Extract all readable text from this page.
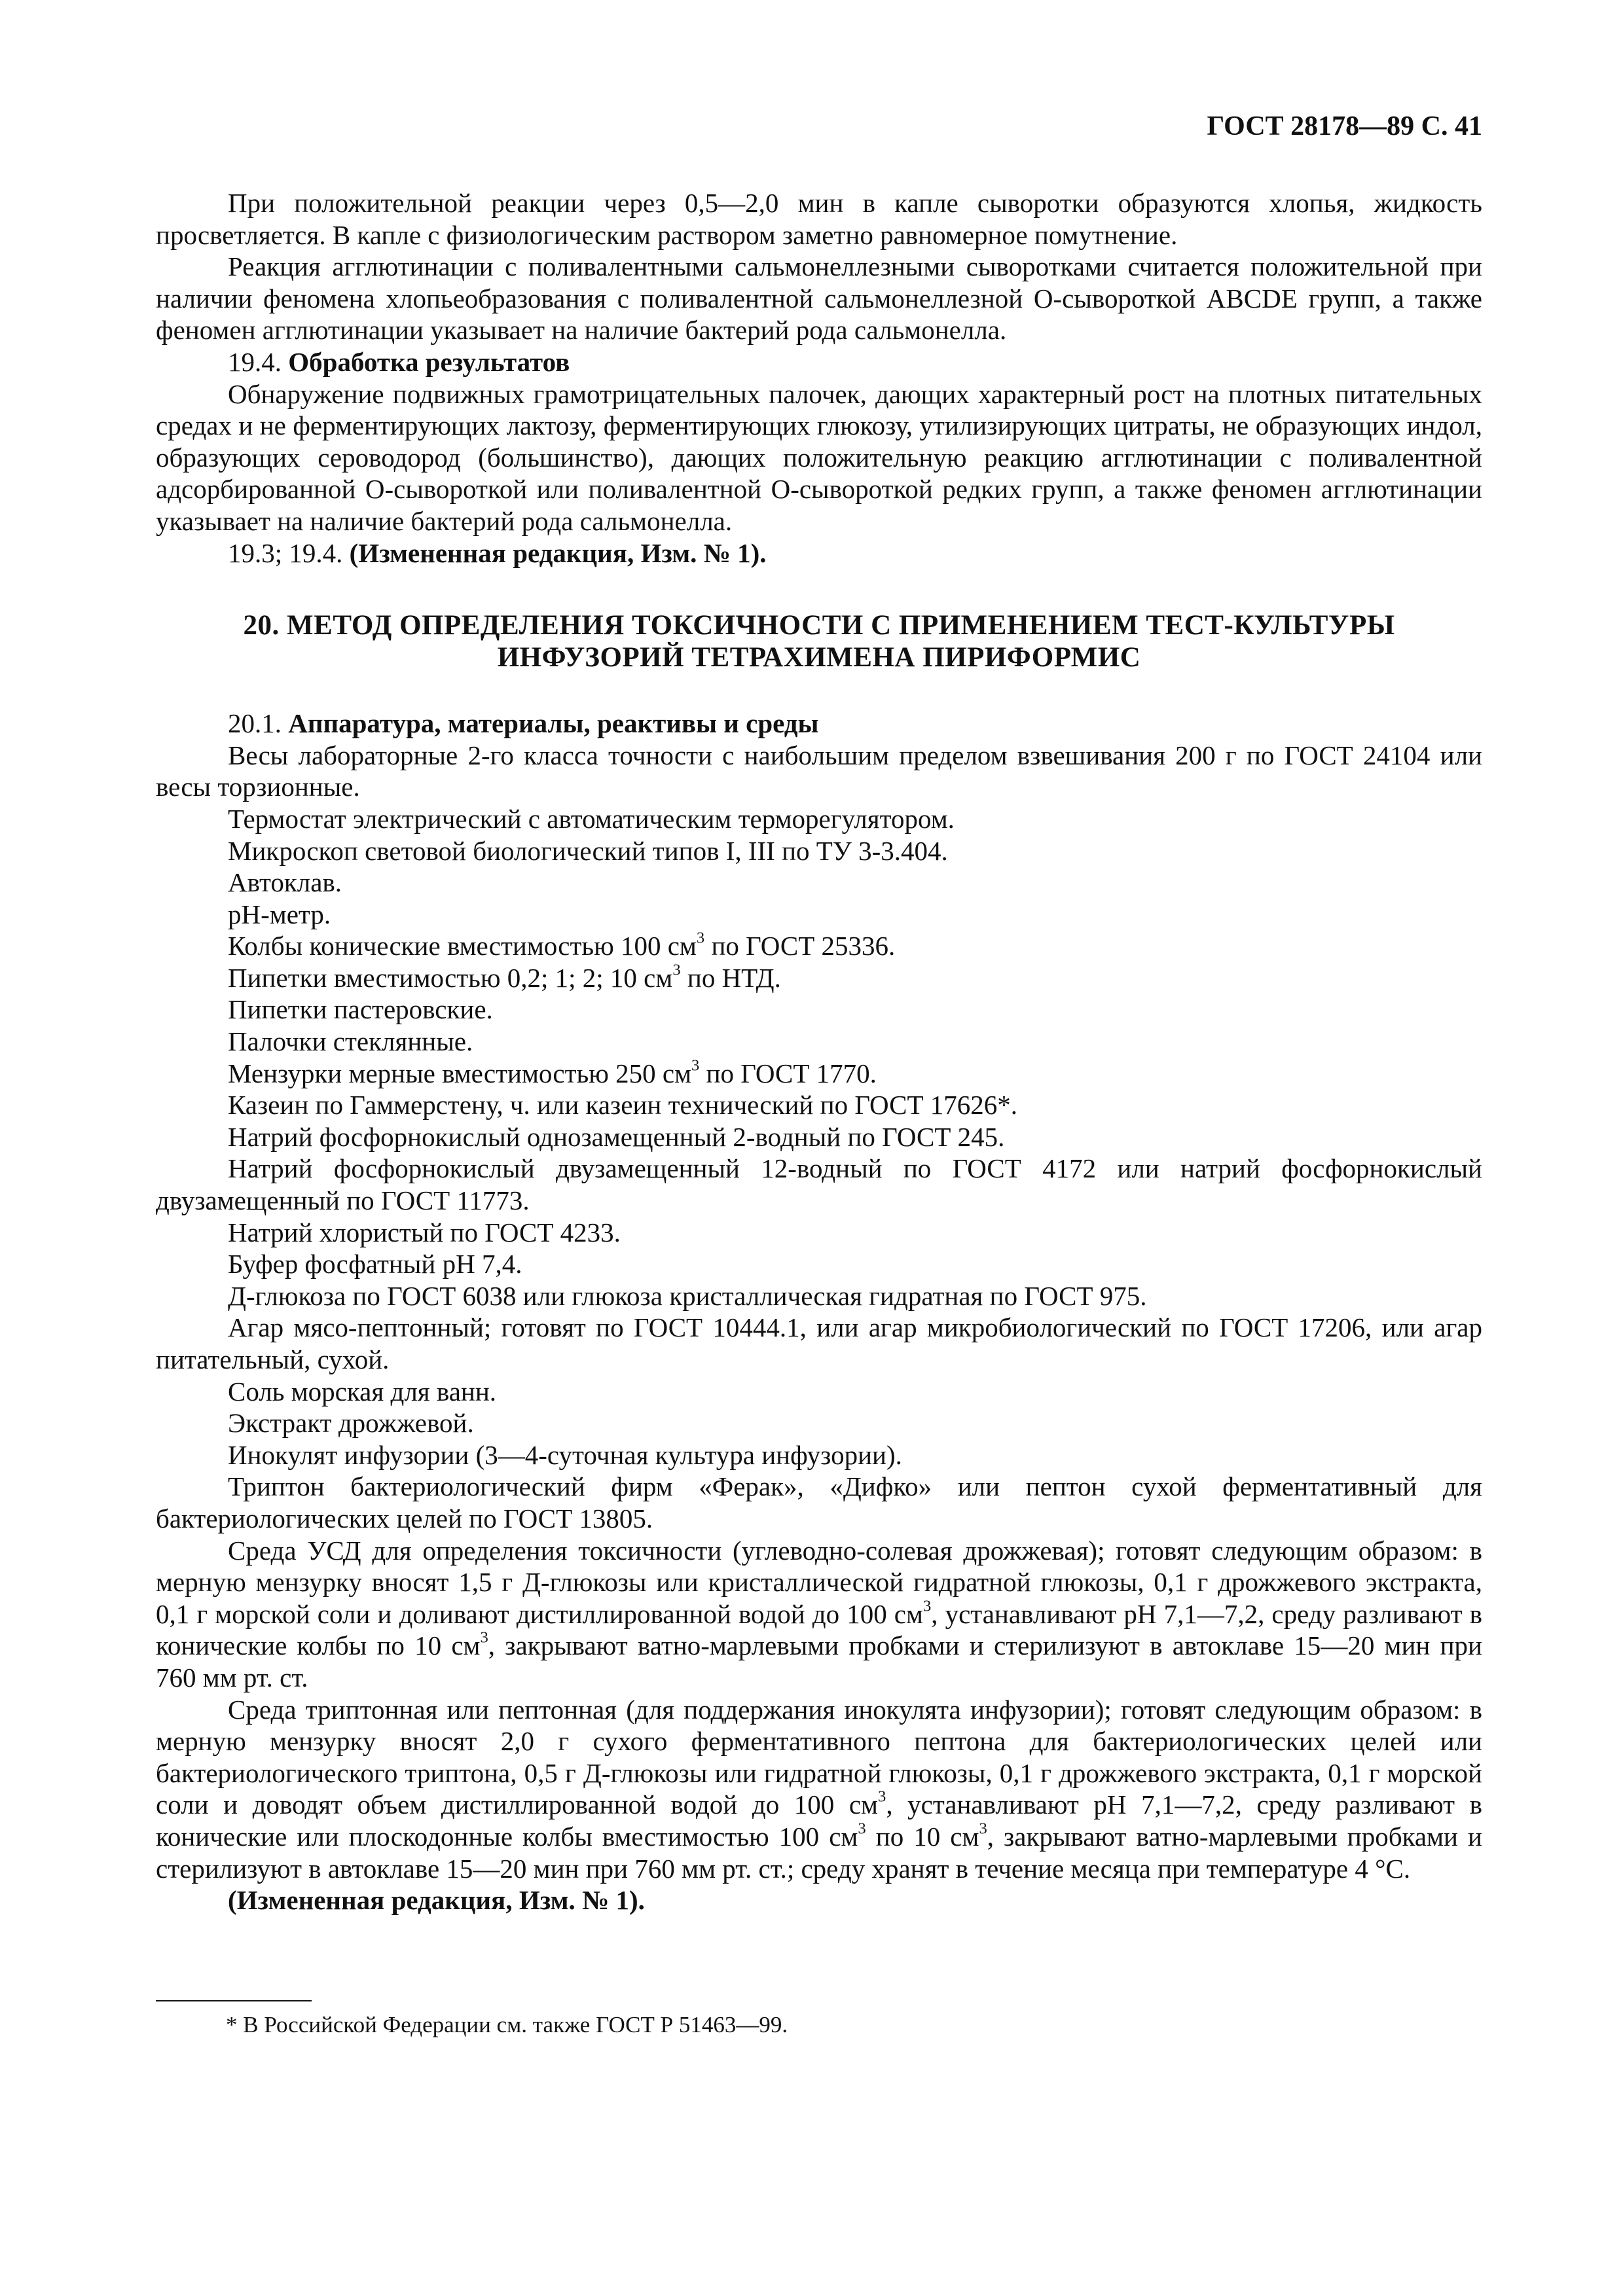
ГОСТ 28178—89 С. 41

При положительной реакции через 0,5—2,0 мин в капле сыворотки образуются хлопья, жидкость просветляется. В капле с физиологическим раствором заметно равномерное помутнение.

Реакция агглютинации с поливалентными сальмонеллезными сыворотками считается положительной при наличии феномена хлопьеобразования с поливалентной сальмонеллезной О-сывороткой ABCDE групп, а также феномен агглютинации указывает на наличие бактерий рода сальмонелла.

19.4. Обработка результатов

Обнаружение подвижных грамотрицательных палочек, дающих характерный рост на плотных питательных средах и не ферментирующих лактозу, ферментирующих глюкозу, утилизирующих цитраты, не образующих индол, образующих сероводород (большинство), дающих положительную реакцию агглютинации с поливалентной адсорбированной О-сывороткой или поливалентной О-сывороткой редких групп, а также феномен агглютинации указывает на наличие бактерий рода сальмонелла.

19.3; 19.4. (Измененная редакция, Изм. № 1).

20. МЕТОД ОПРЕДЕЛЕНИЯ ТОКСИЧНОСТИ С ПРИМЕНЕНИЕМ ТЕСТ-КУЛЬТУРЫ
ИНФУЗОРИЙ ТЕТРАХИМЕНА ПИРИФОРМИС

20.1. Аппаратура, материалы, реактивы и среды

Весы лабораторные 2-го класса точности с наибольшим пределом взвешивания 200 г по ГОСТ 24104 или весы торзионные.

Термостат электрический с автоматическим терморегулятором.

Микроскоп световой биологический типов I, III по ТУ 3-3.404.

Автоклав.

рН-метр.

Колбы конические вместимостью 100 $см^3$ по ГОСТ 25336.

Пипетки вместимостью 0,2; 1; 2; 10 $см^3$ по НТД.

Пипетки пастеровские.

Палочки стеклянные.

Мензурки мерные вместимостью 250 $см^3$ по ГОСТ 1770.

Казеин по Гаммерстену, ч. или казеин технический по ГОСТ 17626*.

Натрий фосфорнокислый однозамещенный 2-водный по ГОСТ 245.

Натрий фосфорнокислый двузамещенный 12-водный по ГОСТ 4172 или натрий фосфорнокислый двузамещенный по ГОСТ 11773.

Натрий хлористый по ГОСТ 4233.

Буфер фосфатный рН 7,4.

Д-глюкоза по ГОСТ 6038 или глюкоза кристаллическая гидратная по ГОСТ 975.

Агар мясо-пептонный; готовят по ГОСТ 10444.1, или агар микробиологический по ГОСТ 17206, или агар питательный, сухой.

Соль морская для ванн.

Экстракт дрожжевой.

Инокулят инфузории (3—4-суточная культура инфузории).

Триптон бактериологический фирм «Ферак», «Дифко» или пептон сухой ферментативный для бактериологических целей по ГОСТ 13805.

Среда УСД для определения токсичности (углеводно-солевая дрожжевая); готовят следующим образом: в мерную мензурку вносят 1,5 г Д-глюкозы или кристаллической гидратной глюкозы, 0,1 г дрожжевого экстракта, 0,1 г морской соли и доливают дистиллированной водой до 100 $см^3$, устанавливают рН 7,1—7,2, среду разливают в конические колбы по 10 $см^3$, закрывают ватно-марлевыми пробками и стерилизуют в автоклаве 15—20 мин при 760 мм рт. ст.

Среда триптонная или пептонная (для поддержания инокулята инфузории); готовят следующим образом: в мерную мензурку вносят 2,0 г сухого ферментативного пептона для бактериологических целей или бактериологического триптона, 0,5 г Д-глюкозы или гидратной глюкозы, 0,1 г дрожжевого экстракта, 0,1 г морской соли и доводят объем дистиллированной водой до 100 $см^3$, устанавливают рН 7,1—7,2, среду разливают в конические или плоскодонные колбы вместимостью 100 $см^3$ по 10 $см^3$, закрывают ватно-марлевыми пробками и стерилизуют в автоклаве 15—20 мин при 760 мм рт. ст.; среду хранят в течение месяца при температуре 4 °С.

(Измененная редакция, Изм. № 1).

* В Российской Федерации см. также ГОСТ Р 51463—99.
